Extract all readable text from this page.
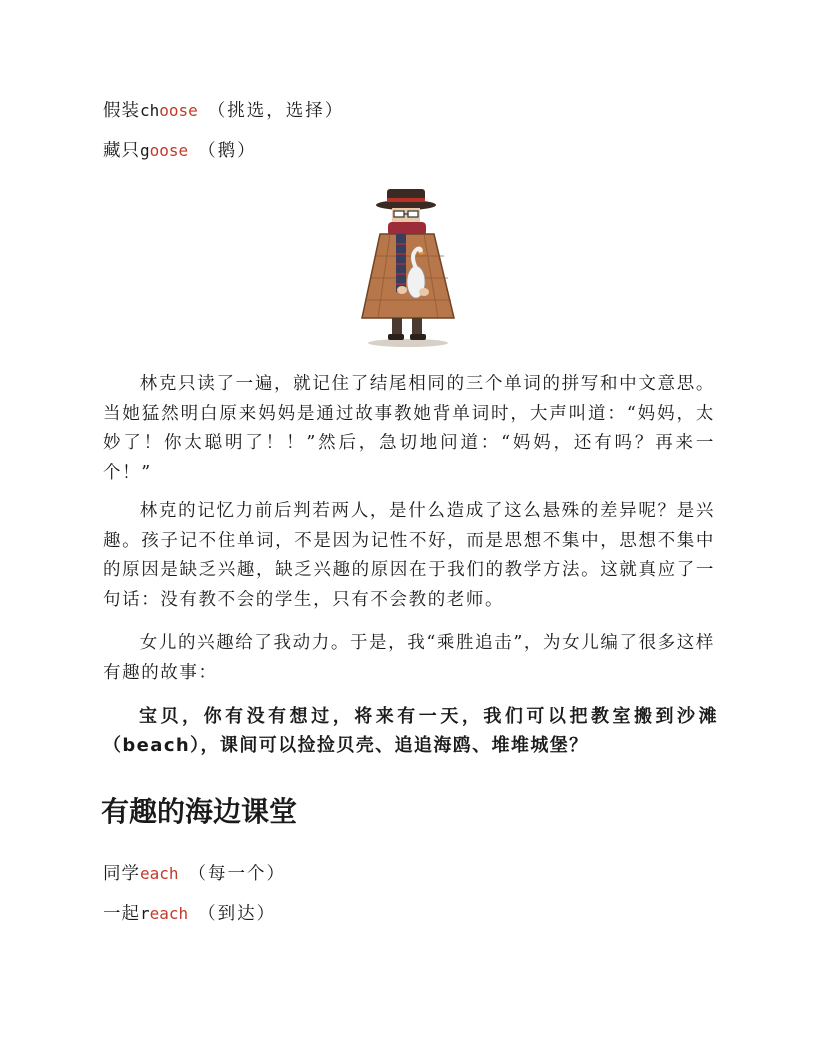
假装choose （挑选，选择）
藏只goose （鹅）

林克只读了一遍，就记住了结尾相同的三个单词的拼写和中文意思。当她猛然明白原来妈妈是通过故事教她背单词时，大声叫道：“妈妈，太妙了！你太聪明了！！”然后，急切地问道：“妈妈，还有吗？再来一个！”

林克的记忆力前后判若两人，是什么造成了这么悬殊的差异呢？是兴趣。孩子记不住单词，不是因为记性不好，而是思想不集中，思想不集中的原因是缺乏兴趣，缺乏兴趣的原因在于我们的教学方法。这就真应了一句话：没有教不会的学生，只有不会教的老师。

女儿的兴趣给了我动力。于是，我“乘胜追击”，为女儿编了很多这样有趣的故事：

宝贝，你有没有想过，将来有一天，我们可以把教室搬到沙滩（beach），课间可以捡捡贝壳、追追海鸥、堆堆城堡？

有趣的海边课堂
同学each （每一个）
一起reach （到达）
